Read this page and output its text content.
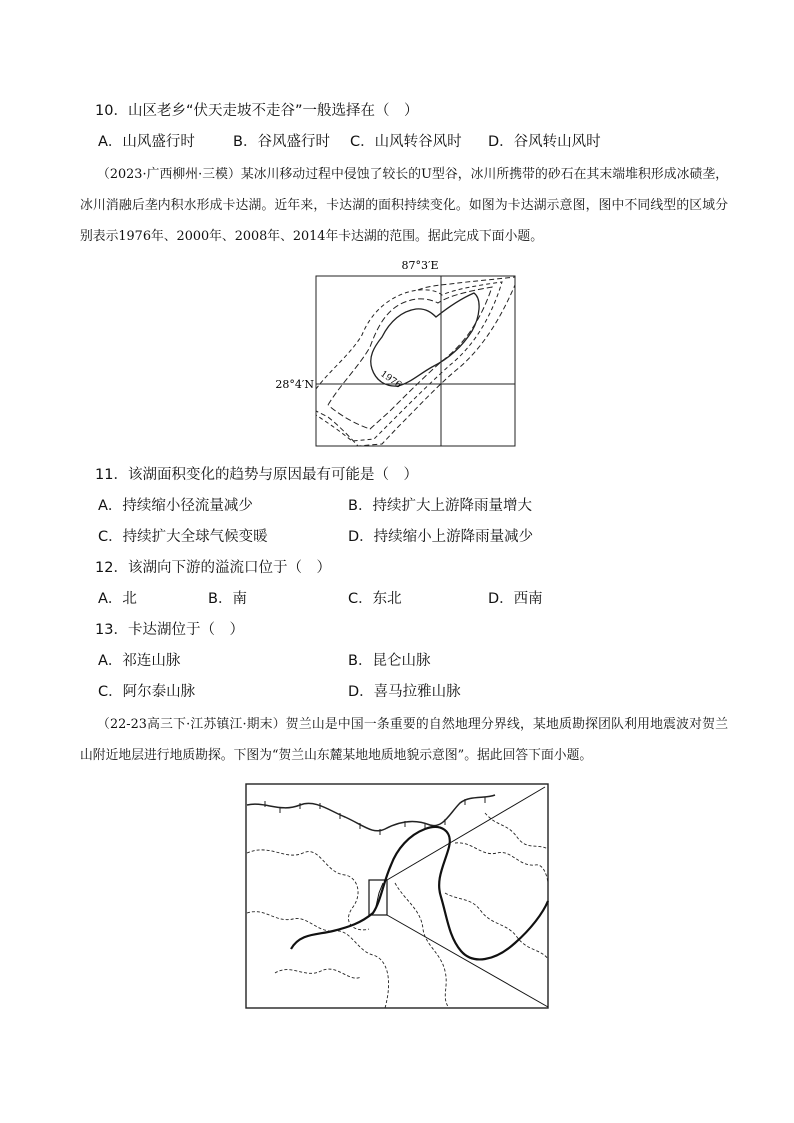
10．山区老乡“伏天走坡不走谷”一般选择在（　）
A．山风盛行时	B．谷风盛行时 C．山风转谷风时 D．谷风转山风时
（2023·广西柳州·三模）某冰川移动过程中侵蚀了较长的U型谷，冰川所携带的砂石在其末端堆积形成冰碛垄，冰川消融后垄内积水形成卡达湖。近年来，卡达湖的面积持续变化。如图为卡达湖示意图，图中不同线型的区域分别表示1976年、2000年、2008年、2014年卡达湖的范围。据此完成下面小题。
87°3′E
28°4′N	1976
11．该湖面积变化的趋势与原因最有可能是（　）
A．持续缩小径流量减少	B．持续扩大上游降雨量增大
C．持续扩大全球气候变暖	D．持续缩小上游降雨量减少
12．该湖向下游的溢流口位于（　）
A．北	B．南	C．东北	D．西南
13．卡达湖位于（　）
A．祁连山脉	B．昆仑山脉
C．阿尔泰山脉	D．喜马拉雅山脉
（22-23高三下·江苏镇江·期末）贺兰山是中国一条重要的自然地理分界线，某地质勘探团队利用地震波对贺兰山附近地层进行地质勘探。下图为“贺兰山东麓某地地质地貌示意图”。据此回答下面小题。
